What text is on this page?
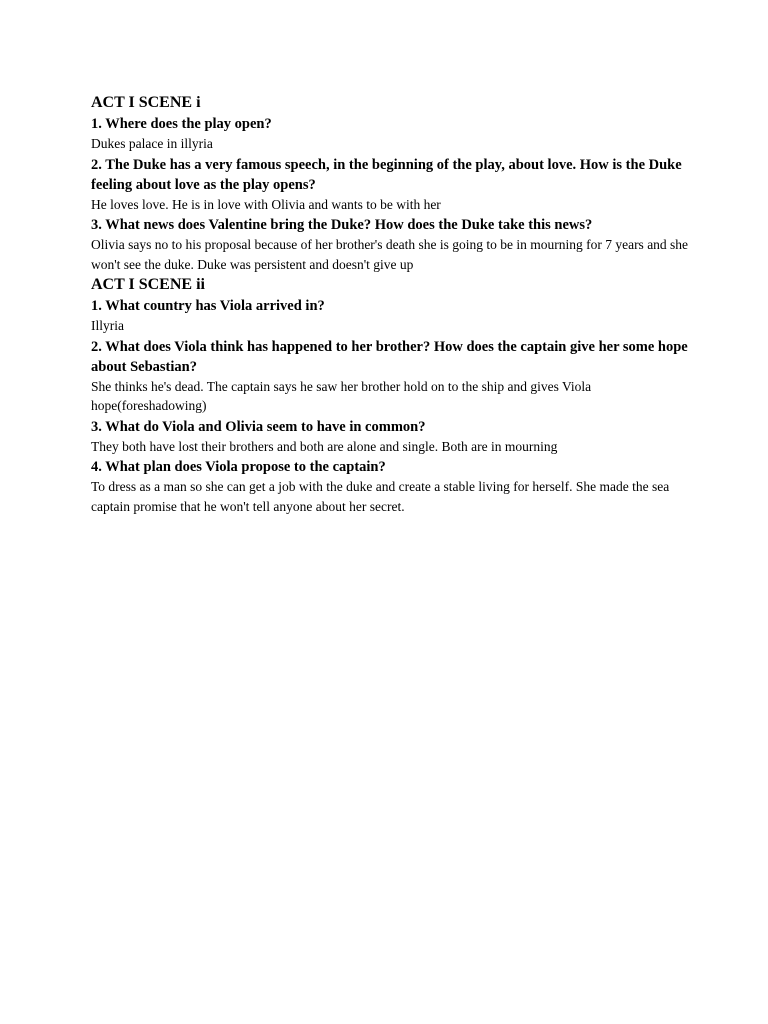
ACT I SCENE i

1. Where does the play open?

Dukes palace in illyria

2. The Duke has a very famous speech, in the beginning of the play, about love. How is the Duke feeling about love as the play opens?

He loves love. He is in love with Olivia and wants to be with her

3. What news does Valentine bring the Duke? How does the Duke take this news?

Olivia says no to his proposal because of her brother's death she is going to be in mourning for 7 years and she won't see the duke. Duke was persistent and doesn't give up

ACT I SCENE ii

1. What country has Viola arrived in?

Illyria

2. What does Viola think has happened to her brother? How does the captain give her some hope about Sebastian?

She thinks he's dead. The captain says he saw her brother hold on to the ship and gives Viola hope(foreshadowing)

3. What do Viola and Olivia seem to have in common?

They both have lost their brothers and both are alone and single. Both are in mourning

4. What plan does Viola propose to the captain?

To dress as a man so she can get a job with the duke and create a stable living for herself. She made the sea captain promise that he won't tell anyone about her secret.
